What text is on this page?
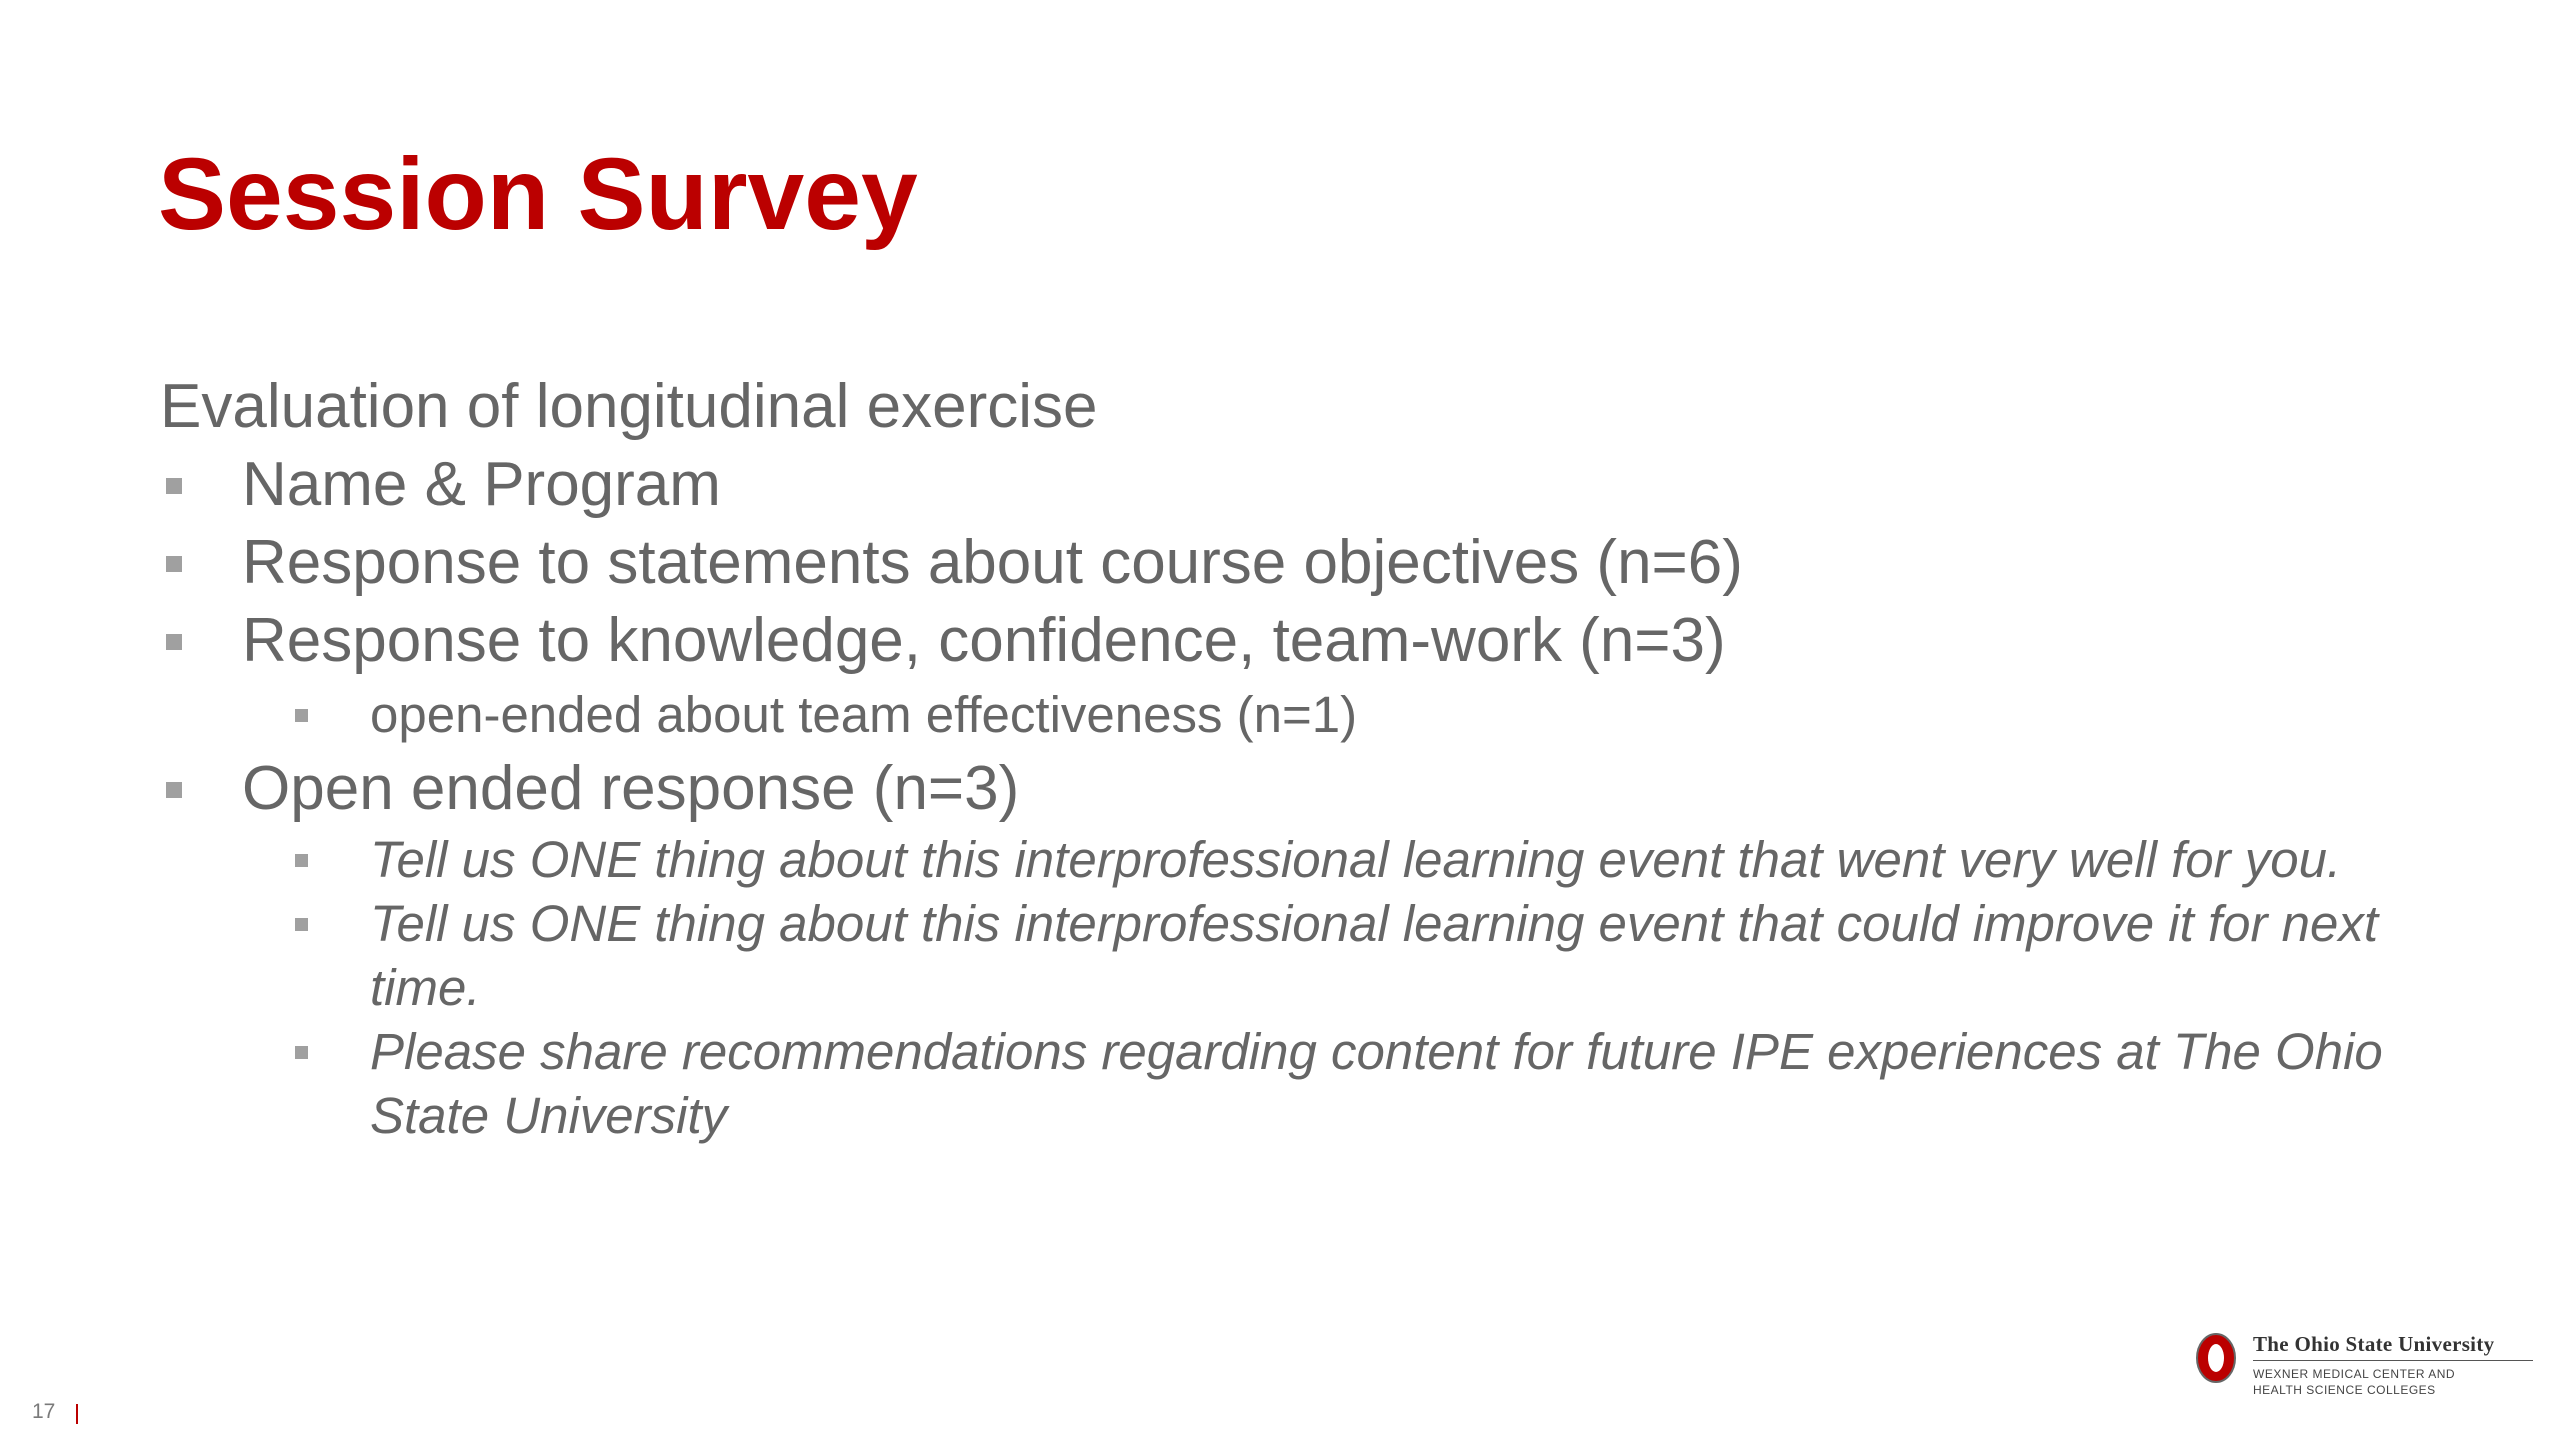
Session Survey
Evaluation of longitudinal exercise
Name & Program
Response to statements about course objectives (n=6)
Response to knowledge, confidence, team-work (n=3)
open-ended about team effectiveness (n=1)
Open ended response (n=3)
Tell us ONE thing about this interprofessional learning event that went very well for you.
Tell us ONE thing about this interprofessional learning event that could improve it for next time.
Please share recommendations regarding content for future IPE experiences at The Ohio State University
17
The Ohio State University
WEXNER MEDICAL CENTER AND
HEALTH SCIENCE COLLEGES
